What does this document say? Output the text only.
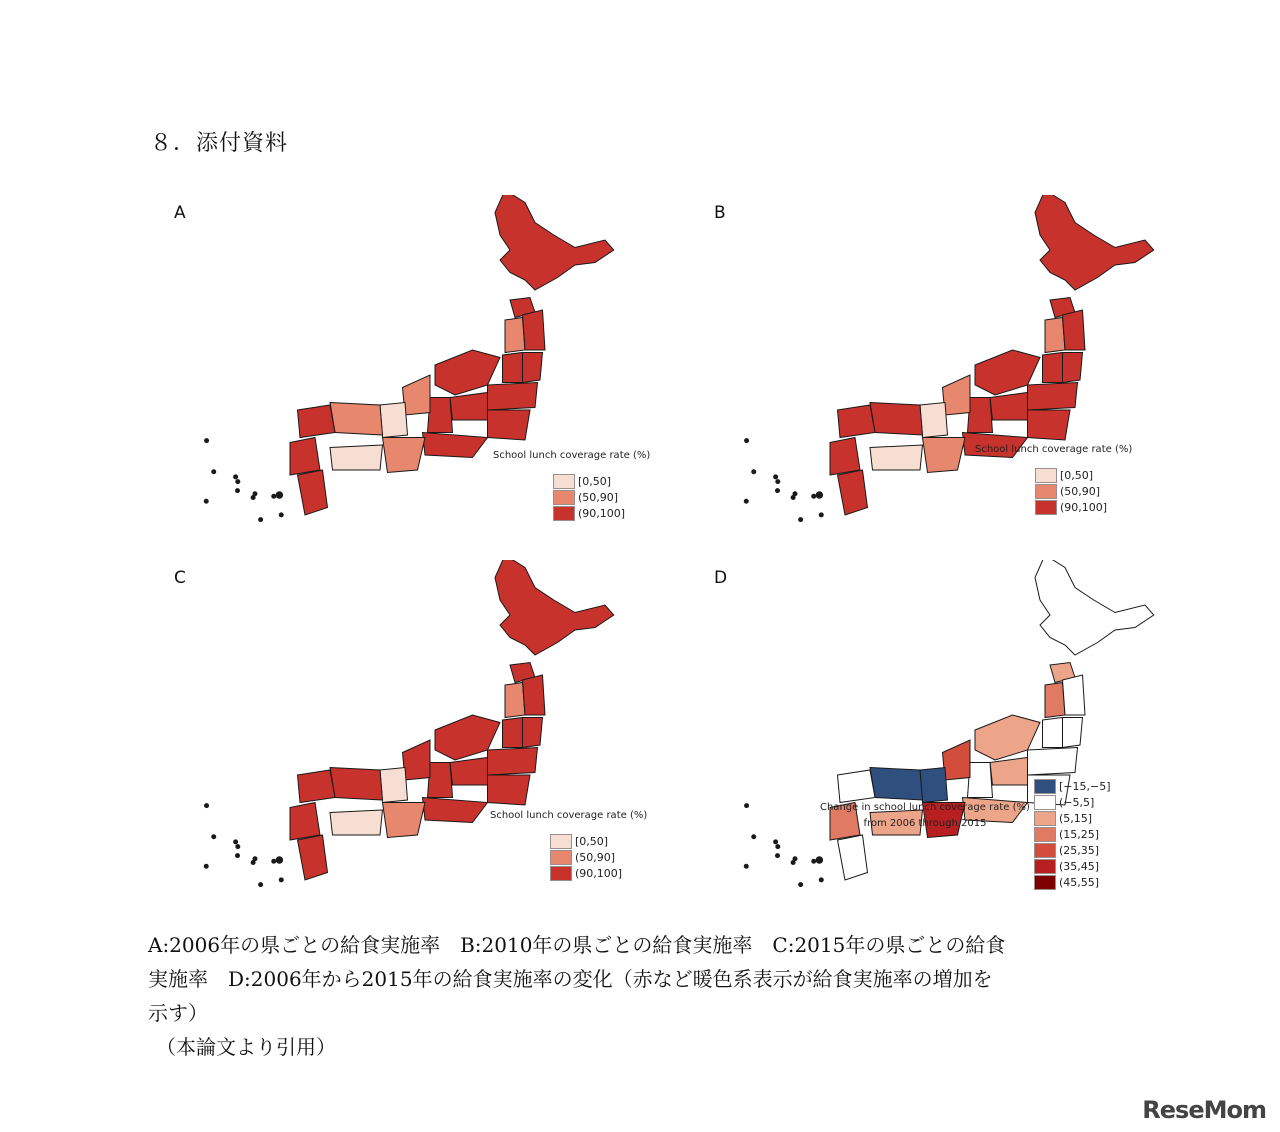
８．添付資料
A
School lunch coverage rate (%)
[0,50]
(50,90]
(90,100]
B
School lunch coverage rate (%)
[0,50]
(50,90]
(90,100]
C
School lunch coverage rate (%)
[0,50]
(50,90]
(90,100]
D
Change in school lunch coverage rate (%)
from 2006 through 2015
[−15,−5]
(−5,5]
(5,15]
(15,25]
(25,35]
(35,45]
(45,55]

A:2006年の県ごとの給食実施率　B:2010年の県ごとの給食実施率　C:2015年の県ごとの給食

実施率　D:2006年から2015年の給食実施率の変化（赤など暖色系表示が給食実施率の増加を

示す）

（本論文より引用）

ReseMom
